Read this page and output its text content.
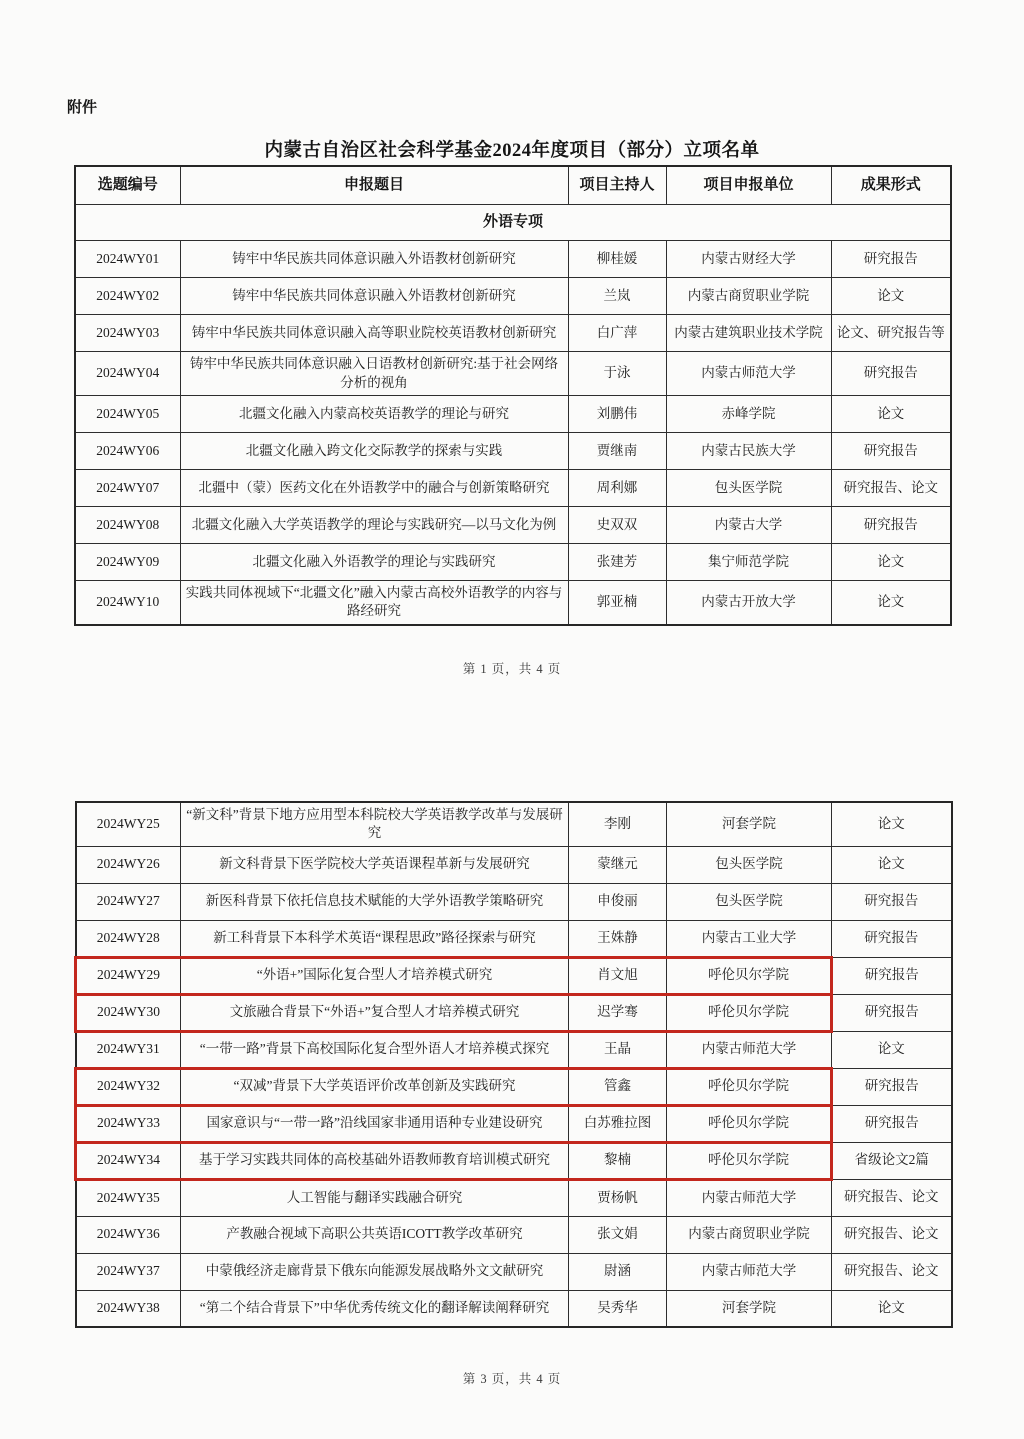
附件
内蒙古自治区社会科学基金2024年度项目（部分）立项名单
选题编号	申报题目	项目主持人	项目申报单位	成果形式
外语专项				
2024WY01	铸牢中华民族共同体意识融入外语教材创新研究	柳桂媛	内蒙古财经大学	研究报告
2024WY02	铸牢中华民族共同体意识融入外语教材创新研究	兰岚	内蒙古商贸职业学院	论文
2024WY03	铸牢中华民族共同体意识融入高等职业院校英语教材创新研究	白广萍	内蒙古建筑职业技术学院	论文、研究报告等
2024WY04	铸牢中华民族共同体意识融入日语教材创新研究:基于社会网络分析的视角	于泳	内蒙古师范大学	研究报告
2024WY05	北疆文化融入内蒙高校英语教学的理论与研究	刘鹏伟	赤峰学院	论文
2024WY06	北疆文化融入跨文化交际教学的探索与实践	贾继南	内蒙古民族大学	研究报告
2024WY07	北疆中（蒙）医药文化在外语教学中的融合与创新策略研究	周利娜	包头医学院	研究报告、论文
2024WY08	北疆文化融入大学英语教学的理论与实践研究—以马文化为例	史双双	内蒙古大学	研究报告
2024WY09	北疆文化融入外语教学的理论与实践研究	张建芳	集宁师范学院	论文
2024WY10	实践共同体视域下“北疆文化”融入内蒙古高校外语教学的内容与路经研究	郭亚楠	内蒙古开放大学	论文
第 1 页，共 4 页
2024WY25	“新文科”背景下地方应用型本科院校大学英语教学改革与发展研究	李刚	河套学院	论文
2024WY26	新文科背景下医学院校大学英语课程革新与发展研究	蒙继元	包头医学院	论文
2024WY27	新医科背景下依托信息技术赋能的大学外语教学策略研究	申俊丽	包头医学院	研究报告
2024WY28	新工科背景下本科学术英语“课程思政”路径探索与研究	王姝静	内蒙古工业大学	研究报告
2024WY29	“外语+”国际化复合型人才培养模式研究	肖文旭	呼伦贝尔学院	研究报告
2024WY30	文旅融合背景下“外语+”复合型人才培养模式研究	迟学骞	呼伦贝尔学院	研究报告
2024WY31	“一带一路”背景下高校国际化复合型外语人才培养模式探究	王晶	内蒙古师范大学	论文
2024WY32	“双减”背景下大学英语评价改革创新及实践研究	管鑫	呼伦贝尔学院	研究报告
2024WY33	国家意识与“一带一路”沿线国家非通用语种专业建设研究	白苏雅拉图	呼伦贝尔学院	研究报告
2024WY34	基于学习实践共同体的高校基础外语教师教育培训模式研究	黎楠	呼伦贝尔学院	省级论文2篇
2024WY35	人工智能与翻译实践融合研究	贾杨帆	内蒙古师范大学	研究报告、论文
2024WY36	产教融合视域下高职公共英语ICOTT教学改革研究	张文娟	内蒙古商贸职业学院	研究报告、论文
2024WY37	中蒙俄经济走廊背景下俄东向能源发展战略外文文献研究	尉涵	内蒙古师范大学	研究报告、论文
2024WY38	“第二个结合背景下”中华优秀传统文化的翻译解读阐释研究	吴秀华	河套学院	论文
第 3 页，共 4 页
